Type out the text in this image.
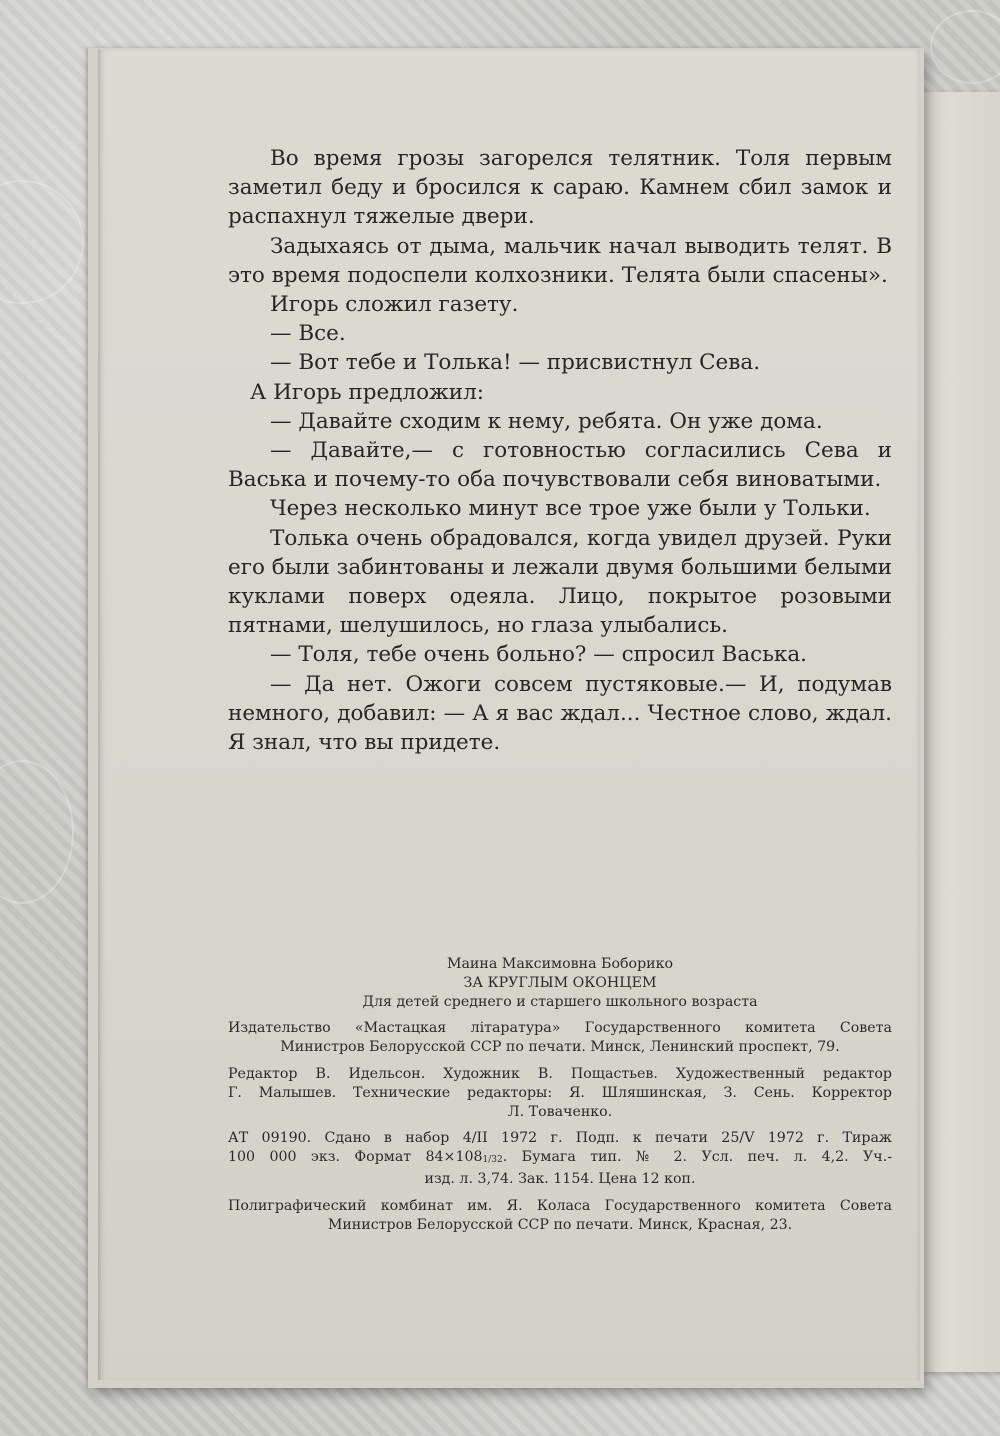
Во время грозы загорелся телятник. Толя первым заметил беду и бросился к сараю. Камнем сбил замок и распахнул тяжелые двери.

Задыхаясь от дыма, мальчик начал выводить телят. В это время подоспели колхозники. Телята были спасены».

Игорь сложил газету.

— Все.

— Вот тебе и Толька! — присвистнул Сева.

А Игорь предложил:

— Давайте сходим к нему, ребята. Он уже дома.

— Давайте,— с готовностью согласились Сева и Васька и почему-то оба почувствовали себя виноватыми.

Через несколько минут все трое уже были у Тольки.

Толька очень обрадовался, когда увидел друзей. Руки его были забинтованы и лежали двумя большими белыми куклами поверх одеяла. Лицо, покрытое розовыми пятнами, шелушилось, но глаза улыбались.

— Толя, тебе очень больно? — спросил Васька.

— Да нет. Ожоги совсем пустяковые.— И, подумав немного, добавил: — А я вас ждал... Честное слово, ждал. Я знал, что вы придете.

Маина Максимовна Боборико

ЗА КРУГЛЫМ ОКОНЦЕМ

Для детей среднего и старшего школьного возраста

Издательство «Мастацкая літаратура» Государственного комитета Совета

Министров Белорусской ССР по печати. Минск, Ленинский проспект, 79.

Редактор В. Идельсон. Художник В. Пощастьев. Художественный редактор

Г. Малышев. Технические редакторы: Я. Шляшинская, З. Сень. Корректор

Л. Товаченко.

АТ 09190. Сдано в набор 4/II 1972 г. Подп. к печати 25/V 1972 г. Тираж

100 000 экз. Формат 84×1081/32. Бумага тип. № 2. Усл. печ. л. 4,2. Уч.-

изд. л. 3,74. Зак. 1154. Цена 12 коп.

Полиграфический комбинат им. Я. Коласа Государственного комитета Совета

Министров Белорусской ССР по печати. Минск, Красная, 23.
